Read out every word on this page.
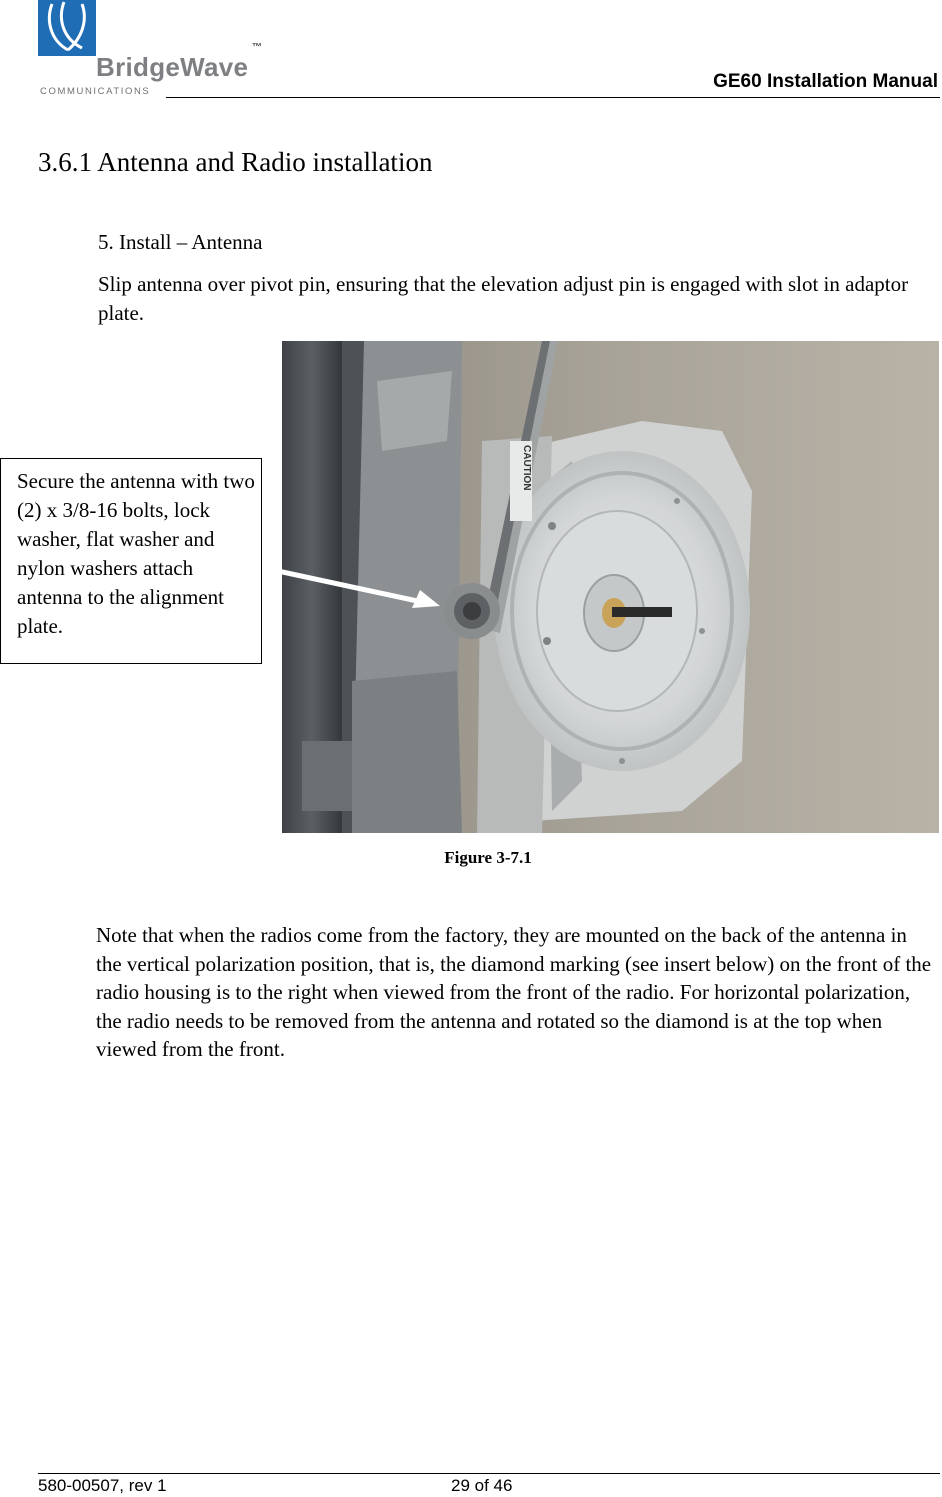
BridgeWave
™
COMMUNICATIONS	GE60 Installation Manual
3.6.1 Antenna and Radio installation
5. Install – Antenna
Slip antenna over pivot pin, ensuring that the elevation adjust pin is engaged with slot in adaptor plate.
CAUTION
Secure the antenna with two (2) x 3/8-16 bolts, lock washer, flat washer and nylon washers attach antenna to the alignment plate.
Figure 3-7.1
Note that when the radios come from the factory, they are mounted on the back of the antenna in the vertical polarization position, that is, the diamond marking (see insert below) on the front of the radio housing is to the right when viewed from the front of the radio. For horizontal polarization, the radio needs to be removed from the antenna and rotated so the diamond is at the top when viewed from the front.
580-00507, rev 1	29 of 46
